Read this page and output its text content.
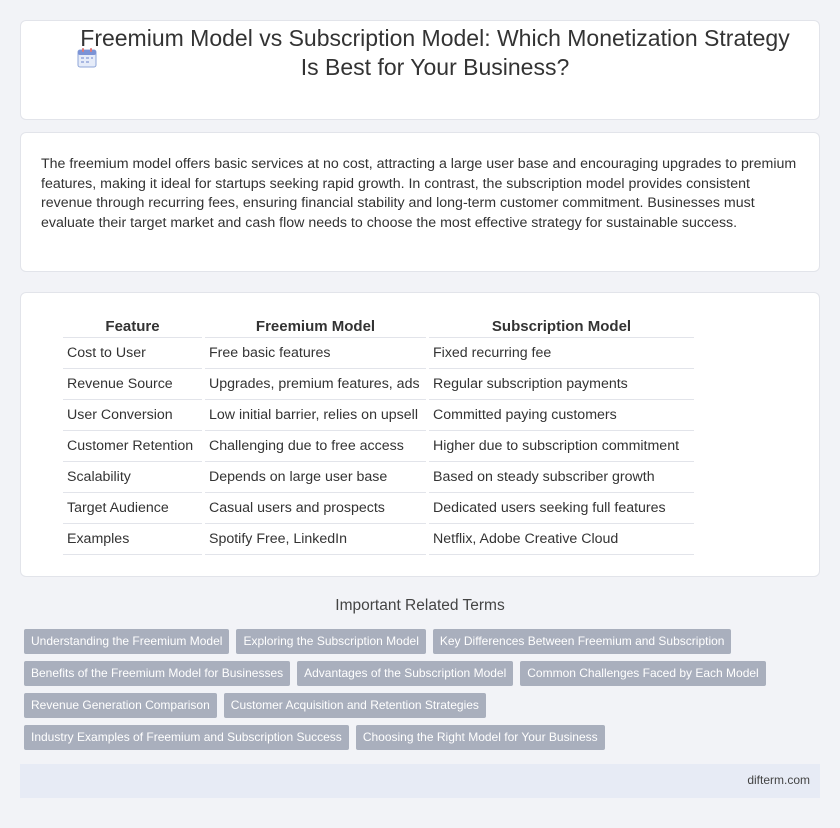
Freemium Model vs Subscription Model: Which Monetization Strategy Is Best for Your Business?

The freemium model offers basic services at no cost, attracting a large user base and encouraging upgrades to premium features, making it ideal for startups seeking rapid growth. In contrast, the subscription model provides consistent revenue through recurring fees, ensuring financial stability and long-term customer commitment. Businesses must evaluate their target market and cash flow needs to choose the most effective strategy for sustainable success.

Feature	Freemium Model	Subscription Model
Cost to User	Free basic features	Fixed recurring fee
Revenue Source	Upgrades, premium features, ads	Regular subscription payments
User Conversion	Low initial barrier, relies on upsell	Committed paying customers
Customer Retention	Challenging due to free access	Higher due to subscription commitment
Scalability	Depends on large user base	Based on steady subscriber growth
Target Audience	Casual users and prospects	Dedicated users seeking full features
Examples	Spotify Free, LinkedIn	Netflix, Adobe Creative Cloud
Important Related Terms
Understanding the Freemium Model	Exploring the Subscription Model	Key Differences Between Freemium and Subscription
Benefits of the Freemium Model for Businesses	Advantages of the Subscription Model	Common Challenges Faced by Each Model
Revenue Generation Comparison	Customer Acquisition and Retention Strategies
Industry Examples of Freemium and Subscription Success	Choosing the Right Model for Your Business
difterm.com
